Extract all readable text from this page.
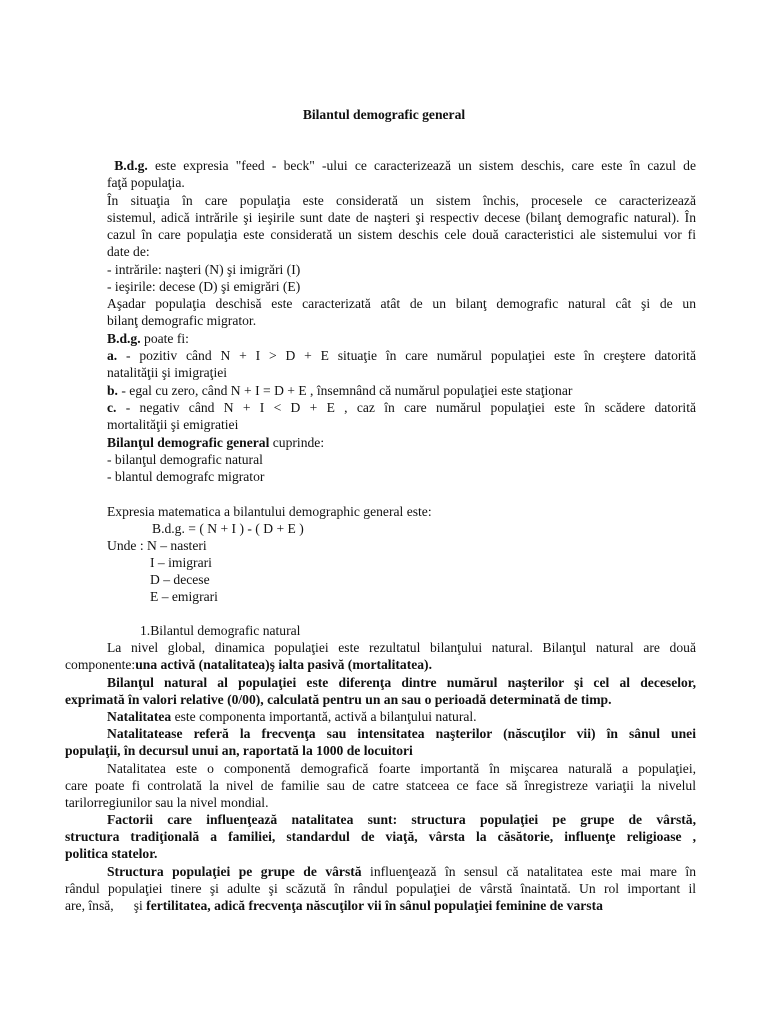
Bilantul demografic general
B.d.g. este expresia "feed - beck" -ului ce caracterizează un sistem deschis, care este în cazul de
faţă populaţia.
În situaţia în care populaţia este considerată un sistem închis, procesele ce caracterizează
sistemul, adică intrările şi ieşirile sunt date de naşteri şi respectiv decese (bilanţ demografic natural). În
cazul în care populaţia este considerată un sistem deschis cele două caracteristici ale sistemului vor fi
date de:
- intrările: naşteri (N) şi imigrări (I)
- ieşirile: decese (D) şi emigrări (E)
Aşadar populaţia deschisă este caracterizată atât de un bilanţ demografic natural cât şi de un
bilanţ demografic migrator.
B.d.g. poate fi:
a. - pozitiv când N + I > D + E situaţie în care numărul populaţiei este în creştere datorită
natalităţii şi imigraţiei
b. - egal cu zero, când N + I = D + E , însemnând că numărul populaţiei este staţionar
c. - negativ când N + I < D + E , caz în care numărul populaţiei este în scădere datorită
mortalităţii şi emigratiei
Bilanţul demografic general cuprinde:
- bilanţul demografic natural
- blantul demografc migrator
Expresia matematica a bilantului demographic general este:
B.d.g. = ( N + I ) - ( D + E )
Unde : N – nasteri
I – imigrari
D – decese
E – emigrari
1.Bilantul demografic natural
La nivel global, dinamica populaţiei este rezultatul bilanţului natural. Bilanţul natural are două
componente:una activă (natalitatea)ş ialta pasivă (mortalitatea).
Bilanţul natural al populaţiei este diferenţa dintre numărul naşterilor şi cel al deceselor,
exprimată în valori relative (0/00), calculată pentru un an sau o perioadă determinată de timp.
Natalitatea este componenta importantă, activă a bilanţului natural.
Natalitatease referă la frecvenţa sau intensitatea naşterilor (născuţilor vii) în sânul unei
populaţii, în decursul unui an, raportată la 1000 de locuitori
Natalitatea este o componentă demografică foarte importantă în mişcarea naturală a populaţiei,
care poate fi controlată la nivel de familie sau de catre statceea ce face să înregistreze variaţii la nivelul
tarilorregiunilor sau la nivel mondial.
Factorii care influenţează natalitatea sunt: structura populaţiei pe grupe de vârstă,
structura tradiţională a familiei, standardul de viaţă, vârsta la căsătorie, influenţe religioase ,
politica statelor.
Structura populaţiei pe grupe de vârstă influenţează în sensul că natalitatea este mai mare în
rândul populaţiei tinere şi adulte şi scăzută în rândul populaţiei de vârstă înaintată. Un rol important il
are, însă, şi fertilitatea, adică frecvenţa născuţilor vii în sânul populaţiei feminine de varsta
